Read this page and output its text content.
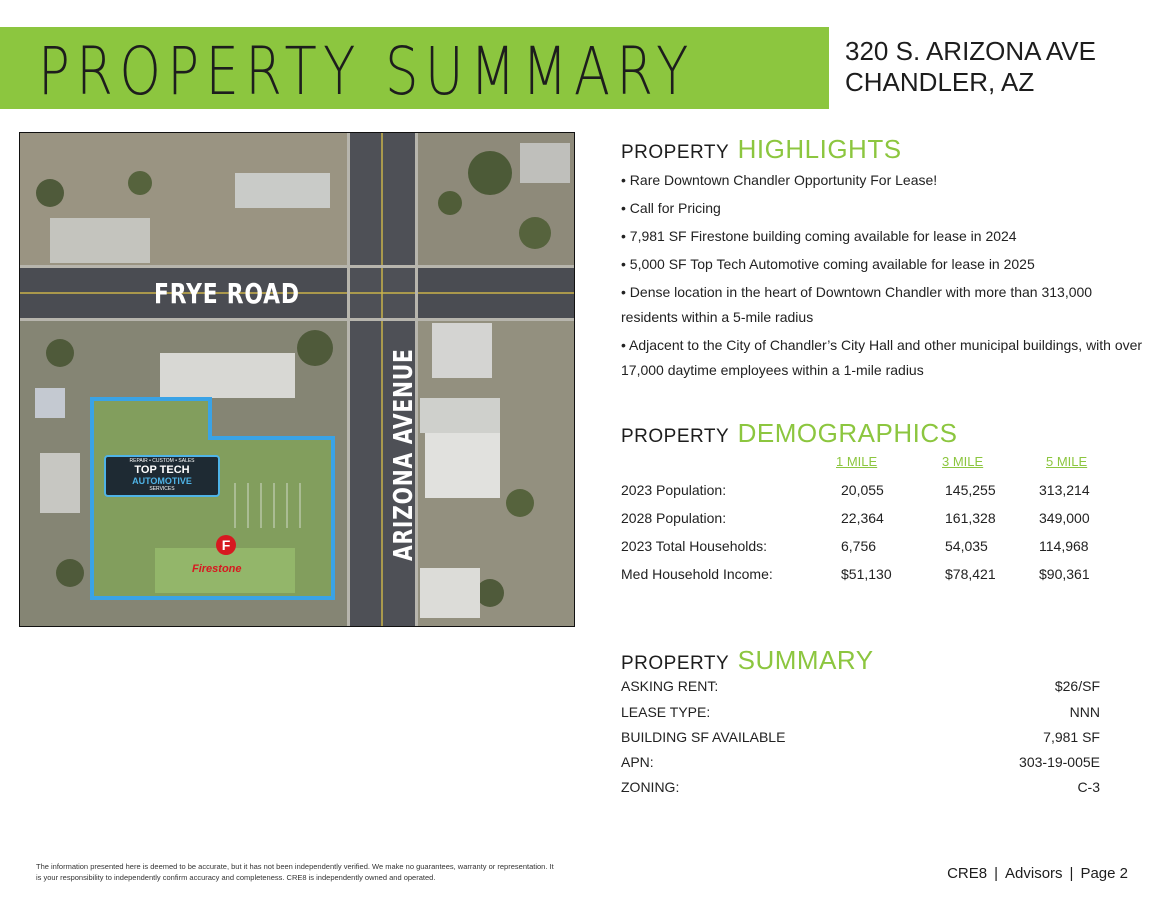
PROPERTY SUMMARY	320 S. ARIZONA AVE
CHANDLER, AZ
FRYE ROAD
ARIZONA AVENUE
REPAIR • CUSTOM • SALES
TOP TECH
AUTOMOTIVE
SERVICES
F
Firestone
PROPERTY HIGHLIGHTS
• Rare Downtown Chandler Opportunity For Lease!
• Call for Pricing
• 7,981 SF Firestone building coming available for lease in 2024
• 5,000 SF Top Tech Automotive coming available for lease in 2025
• Dense location in the heart of Downtown Chandler with more than 313,000 residents within a 5-mile radius
• Adjacent to the City of Chandler’s City Hall and other municipal buildings, with over 17,000 daytime employees within a 1-mile radius
PROPERTY DEMOGRAPHICS
1 MILE	3 MILE	5 MILE
2023 Population:	20,055	145,255	313,214
2028 Population:	22,364	161,328	349,000
2023 Total Households:	6,756	54,035	114,968
Med Household Income:	$51,130	$78,421	$90,361
PROPERTY SUMMARY
ASKING RENT:	$26/SF
LEASE TYPE:	NNN
BUILDING SF AVAILABLE	7,981 SF
APN:	303-19-005E
ZONING:	C-3
The information presented here is deemed to be accurate, but it has not been independently verified. We make no guarantees, warranty or representation. It is your responsibility to independently confirm accuracy and completeness. CRE8 is independently owned and operated.	CRE8 | Advisors | Page 2
